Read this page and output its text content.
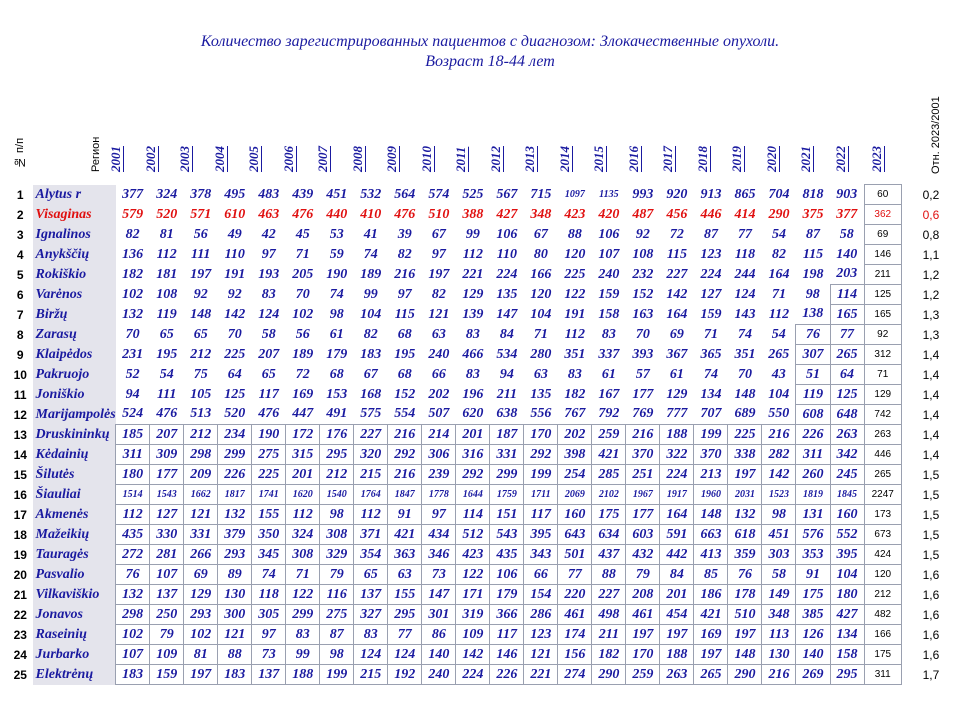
Количество зарегистрированных пациентов с диагнозом: Злокачественные опухоли.
Возраст 18-44 лет
№ п/п	Регион	Отн. 2023/2001
2001 2002 2003 2004 2005 2006 2007 2008 2009 2010 2011 2012 2013 2014 2015 2016 2017 2018 2019 2020 2021 2022 2023
1	Alytus r	377	324	378	495	483	439	451	532	564	574	525	567	715	1097	1135	993	920	913	865	704	818	903	60	0,2
2	Visaginas	579	520	571	610	463	476	440	410	476	510	388	427	348	423	420	487	456	446	414	290	375	377	362	0,6
3	Ignalinos	82	81	56	49	42	45	53	41	39	67	99	106	67	88	106	92	72	87	77	54	87	58	69	0,8
4	Anykščių	136	112	111	110	97	71	59	74	82	97	112	110	80	120	107	108	115	123	118	82	115	140	146	1,1
5	Rokiškio	182	181	197	191	193	205	190	189	216	197	221	224	166	225	240	232	227	224	244	164	198	203	211	1,2
6	Varėnos	102	108	92	92	83	70	74	99	97	82	129	135	120	122	159	152	142	127	124	71	98	114	125	1,2
7	Biržų	132	119	148	142	124	102	98	104	115	121	139	147	104	191	158	163	164	159	143	112	138	165	165	1,3
8	Zarasų	70	65	65	70	58	56	61	82	68	63	83	84	71	112	83	70	69	71	74	54	76	77	92	1,3
9	Klaipėdos	231	195	212	225	207	189	179	183	195	240	466	534	280	351	337	393	367	365	351	265	307	265	312	1,4
10	Pakruojo	52	54	75	64	65	72	68	67	68	66	83	94	63	83	61	57	61	74	70	43	51	64	71	1,4
11	Joniškio	94	111	105	125	117	169	153	168	152	202	196	211	135	182	167	177	129	134	148	104	119	125	129	1,4
12	Marijampolės	524	476	513	520	476	447	491	575	554	507	620	638	556	767	792	769	777	707	689	550	608	648	742	1,4
13	Druskininkų	185	207	212	234	190	172	176	227	216	214	201	187	170	202	259	216	188	199	225	216	226	263	263	1,4
14	Kėdainių	311	309	298	299	275	315	295	320	292	306	316	331	292	398	421	370	322	370	338	282	311	342	446	1,4
15	Šilutės	180	177	209	226	225	201	212	215	216	239	292	299	199	254	285	251	224	213	197	142	260	245	265	1,5
16	Šiauliai	1514	1543	1662	1817	1741	1620	1540	1764	1847	1778	1644	1759	1711	2069	2102	1967	1917	1960	2031	1523	1819	1845	2247	1,5
17	Akmenės	112	127	121	132	155	112	98	112	91	97	114	151	117	160	175	177	164	148	132	98	131	160	173	1,5
18	Mažeikių	435	330	331	379	350	324	308	371	421	434	512	543	395	643	634	603	591	663	618	451	576	552	673	1,5
19	Tauragės	272	281	266	293	345	308	329	354	363	346	423	435	343	501	437	432	442	413	359	303	353	395	424	1,5
20	Pasvalio	76	107	69	89	74	71	79	65	63	73	122	106	66	77	88	79	84	85	76	58	91	104	120	1,6
21	Vilkaviškio	132	137	129	130	118	122	116	137	155	147	171	179	154	220	227	208	201	186	178	149	175	180	212	1,6
22	Jonavos	298	250	293	300	305	299	275	327	295	301	319	366	286	461	498	461	454	421	510	348	385	427	482	1,6
23	Raseinių	102	79	102	121	97	83	87	83	77	86	109	117	123	174	211	197	197	169	197	113	126	134	166	1,6
24	Jurbarko	107	109	81	88	73	99	98	124	124	140	142	146	121	156	182	170	188	197	148	130	140	158	175	1,6
25	Elektrėnų	183	159	197	183	137	188	199	215	192	240	224	226	221	274	290	259	263	265	290	216	269	295	311	1,7
